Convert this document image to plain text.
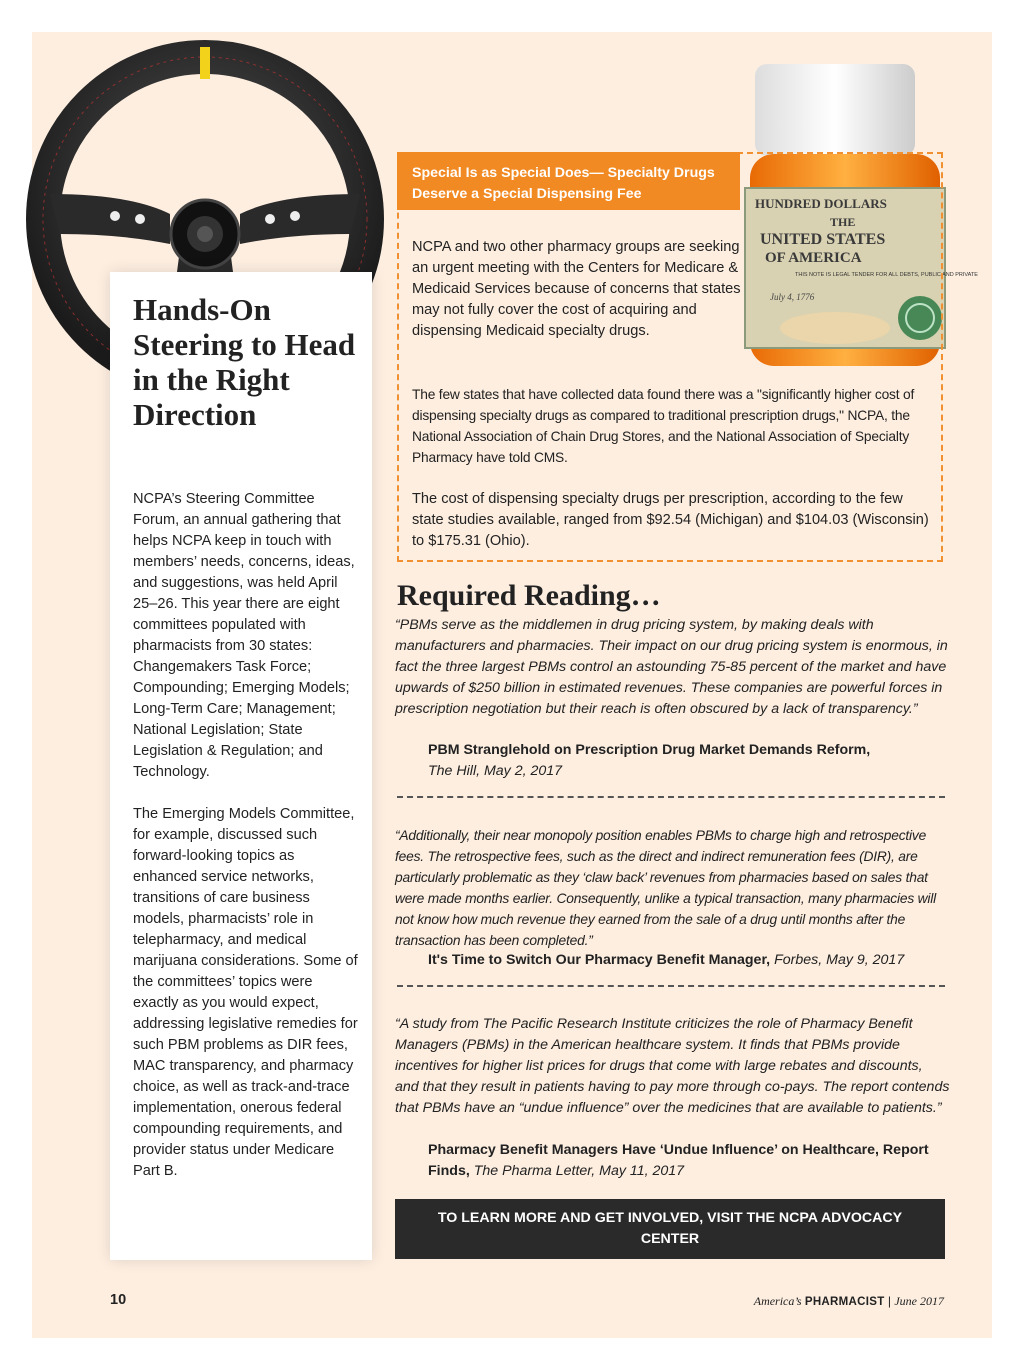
HUNDRED DOLLARS
THE
UNITED STATES
OF AMERICA
THIS NOTE IS LEGAL TENDER FOR ALL DEBTS, PUBLIC AND PRIVATE
July 4, 1776
Hands-On Steering to Head in the Right Direction

NCPA’s Steering Committee Forum, an annual gathering that helps NCPA keep in touch with members’ needs, concerns, ideas, and suggestions, was held April 25–26. This year there are eight committees populated with pharmacists from 30 states: Changemakers Task Force; Compounding; Emerging Models; Long-Term Care; Management; National Legislation; State Legislation & Regulation; and Technology.

The Emerging Models Committee, for example, discussed such forward-looking topics as enhanced service networks, transitions of care business models, pharmacists’ role in telepharmacy, and medical marijuana considerations. Some of the committees’ topics were exactly as you would expect, addressing legislative remedies for such PBM problems as DIR fees, MAC transparency, and pharmacy choice, as well as track-and-trace implementation, onerous federal compounding requirements, and provider status under Medicare Part B.

Special Is as Special Does— Specialty Drugs Deserve a Special Dispensing Fee

NCPA and two other pharmacy groups are seeking an urgent meeting with the Centers for Medicare & Medicaid Services because of concerns that states may not fully cover the cost of acquiring and dispensing Medicaid specialty drugs.

The few states that have collected data found there was a "significantly higher cost of dispensing specialty drugs as compared to traditional prescription drugs," NCPA, the National Association of Chain Drug Stores, and the National Association of Specialty Pharmacy have told CMS.

The cost of dispensing specialty drugs per prescription, according to the few state studies available, ranged from $92.54 (Michigan) and $104.03 (Wisconsin) to $175.31 (Ohio).

Required Reading…

“PBMs serve as the middlemen in drug pricing system, by making deals with manufacturers and pharmacies. Their impact on our drug pricing system is enormous, in fact the three largest PBMs control an astounding 75-85 percent of the market and have upwards of $250 billion in estimated revenues. These companies are powerful forces in prescription negotiation but their reach is often obscured by a lack of transparency.”

PBM Stranglehold on Prescription Drug Market Demands Reform,
The Hill, May 2, 2017

“Additionally, their near monopoly position enables PBMs to charge high and retrospective fees. The retrospective fees, such as the direct and indirect remuneration fees (DIR), are particularly problematic as they ‘claw back’ revenues from pharmacies based on sales that were made months earlier. Consequently, unlike a typical transaction, many pharmacies will not know how much revenue they earned from the sale of a drug until months after the transaction has been completed.”

It's Time to Switch Our Pharmacy Benefit Manager, Forbes, May 9, 2017

“A study from The Pacific Research Institute criticizes the role of Pharmacy Benefit Managers (PBMs) in the American healthcare system. It finds that PBMs provide incentives for higher list prices for drugs that come with large rebates and discounts, and that they result in patients having to pay more through co-pays. The report contends that PBMs have an “undue influence” over the medicines that are available to patients.”

Pharmacy Benefit Managers Have ‘Undue Influence’ on Healthcare, Report Finds, The Pharma Letter, May 11, 2017

TO LEARN MORE AND GET INVOLVED, VISIT THE NCPA ADVOCACY CENTER
10	America’s PHARMACIST | June 2017
